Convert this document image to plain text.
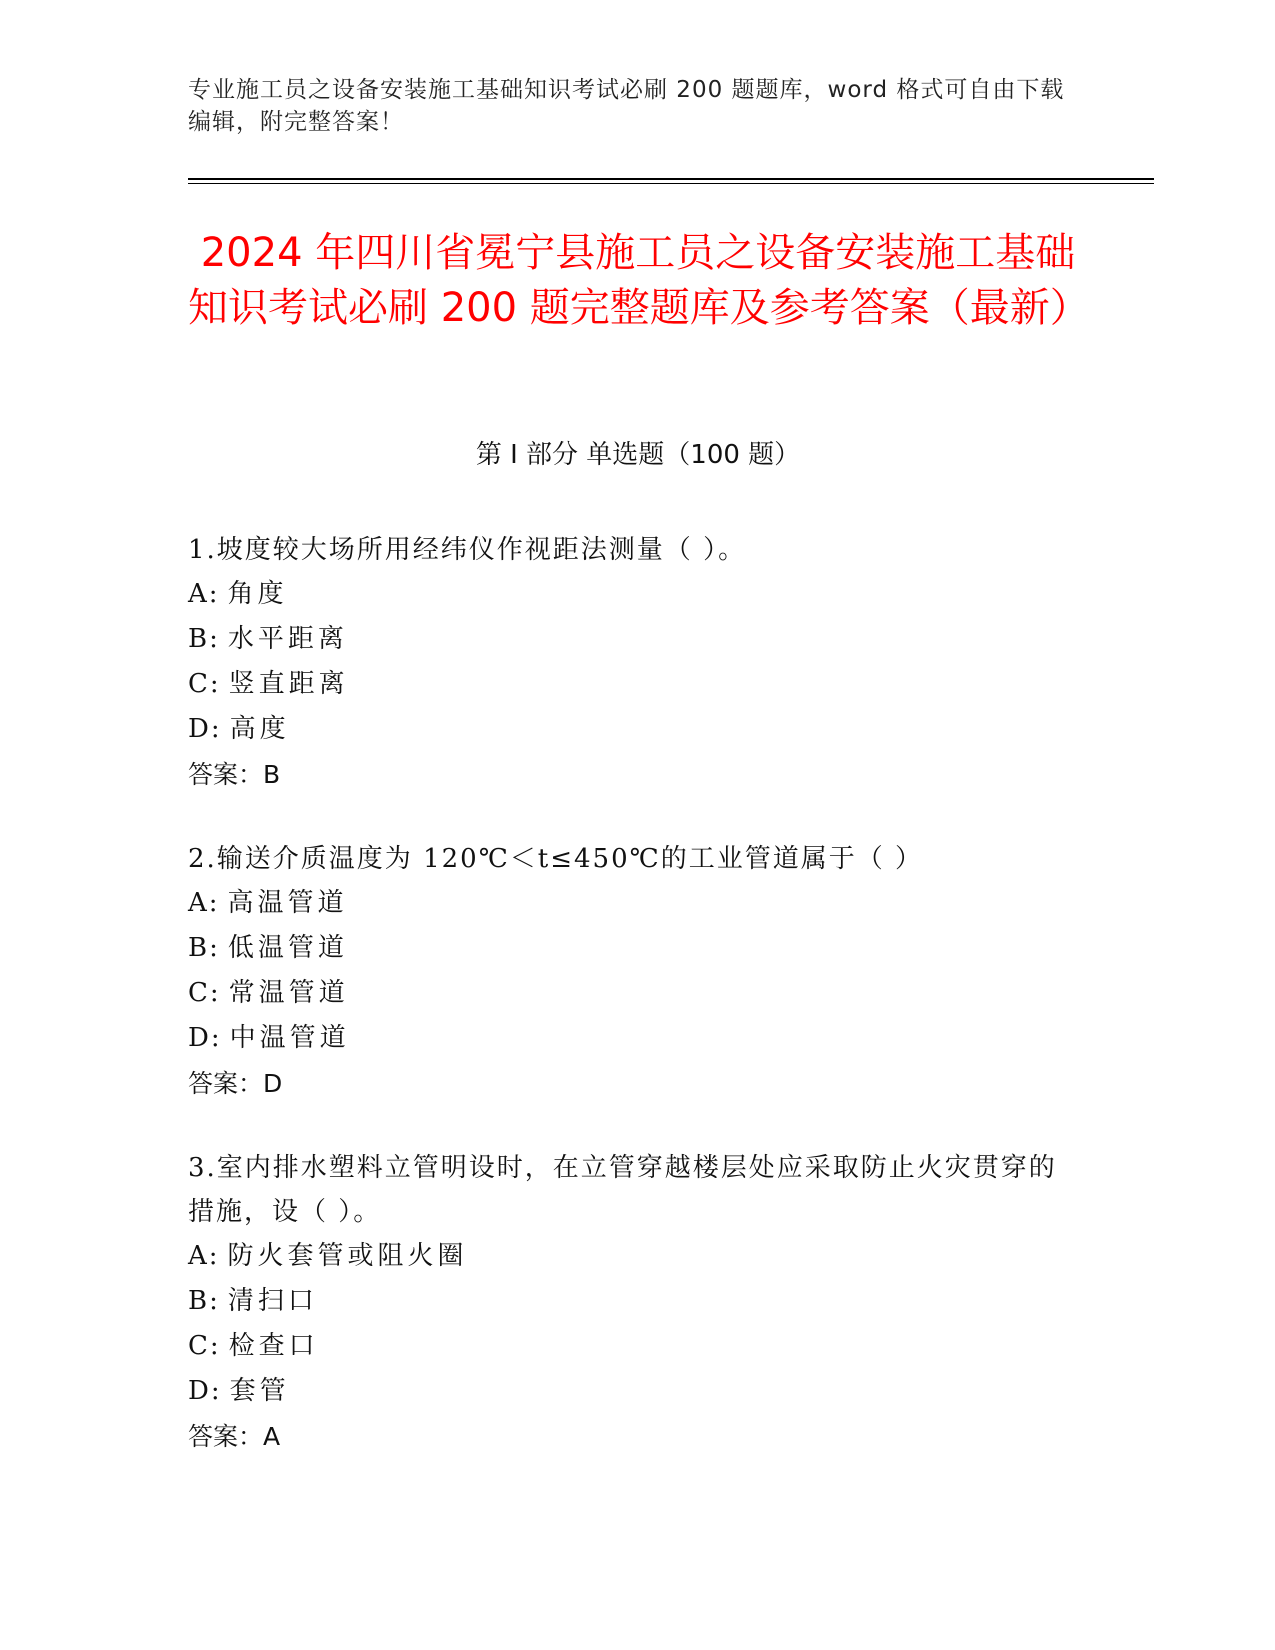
专业施工员之设备安装施工基础知识考试必刷 200 题题库，word 格式可自由下载编辑，附完整答案！
2024 年四川省冕宁县施工员之设备安装施工基础知识考试必刷 200 题完整题库及参考答案（最新）
第 I 部分 单选题（100 题）
1.坡度较大场所用经纬仪作视距法测量（ ）。
A: 角度
B: 水平距离
C: 竖直距离
D: 高度
答案：B
2.输送介质温度为 120℃＜t≤450℃的工业管道属于（ ）
A: 高温管道
B: 低温管道
C: 常温管道
D: 中温管道
答案：D
3.室内排水塑料立管明设时，在立管穿越楼层处应采取防止火灾贯穿的措施，设（ ）。
A: 防火套管或阻火圈
B: 清扫口
C: 检查口
D: 套管
答案：A
